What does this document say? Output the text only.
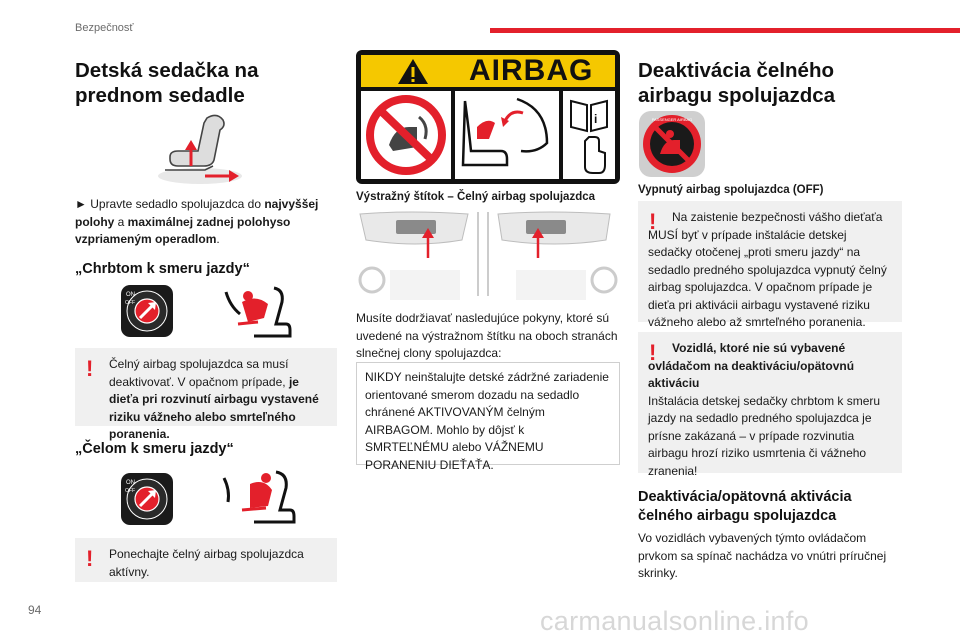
Bezpečnosť
94	carmanualsonline.info
Detská sedačka na prednom sedadle

► Upravte sedadlo spolujazdca do najvyššej polohy a maximálnej zadnej polohyso vzpriameným operadlom.

„Chrbtom k smeru jazdy“
ON
OFF
!	Čelný airbag spolujazdca sa musí deaktivovať. V opačnom prípade, je dieťa pri rozvinutí airbagu vystavené riziku vážneho alebo smrteľného poranenia.
„Čelom k smeru jazdy“
ON
OFF
!	Ponechajte čelný airbag spolujazdca aktívny.
AIRBAG
i
Výstražný štítok – Čelný airbag spolujazdca

Musíte dodržiavať nasledujúce pokyny, ktoré sú uvedené na výstražnom štítku na oboch stranách slnečnej clony spolujazdca:

NIKDY neinštalujte detské zádržné zariadenie orientované smerom dozadu na sedadlo chránené AKTIVOVANÝM čelným AIRBAGOM. Mohlo by dôjsť k SMRTEĽNÉMU alebo VÁŽNEMU PORANENIU DIEŤAŤA.
Deaktivácia čelného airbagu spolujazdca
PASSENGER AIRBAG
Vypnutý airbag spolujazdca (OFF)
!	Na zaistenie bezpečnosti vášho dieťaťa MUSÍ byť v prípade inštalácie detskej sedačky otočenej „proti smeru jazdy“ na sedadlo predného spolujazdca vypnutý čelný airbag spolujazdca. V opačnom prípade je dieťa pri aktivácii airbagu vystavené riziku vážneho alebo až smrteľného poranenia.
!	Vozidlá, ktoré nie sú vybavené ovládačom na deaktiváciu/opätovnú aktiváciu
Inštalácia detskej sedačky chrbtom k smeru jazdy na sedadlo predného spolujazdca je prísne zakázaná – v prípade rozvinutia airbagu hrozí riziko usmrtenia či vážneho zranenia!
Deaktivácia/opätovná aktivácia čelného airbagu spolujazdca

Vo vozidlách vybavených týmto ovládačom prvkom sa spínač nachádza vo vnútri príručnej skrinky.
